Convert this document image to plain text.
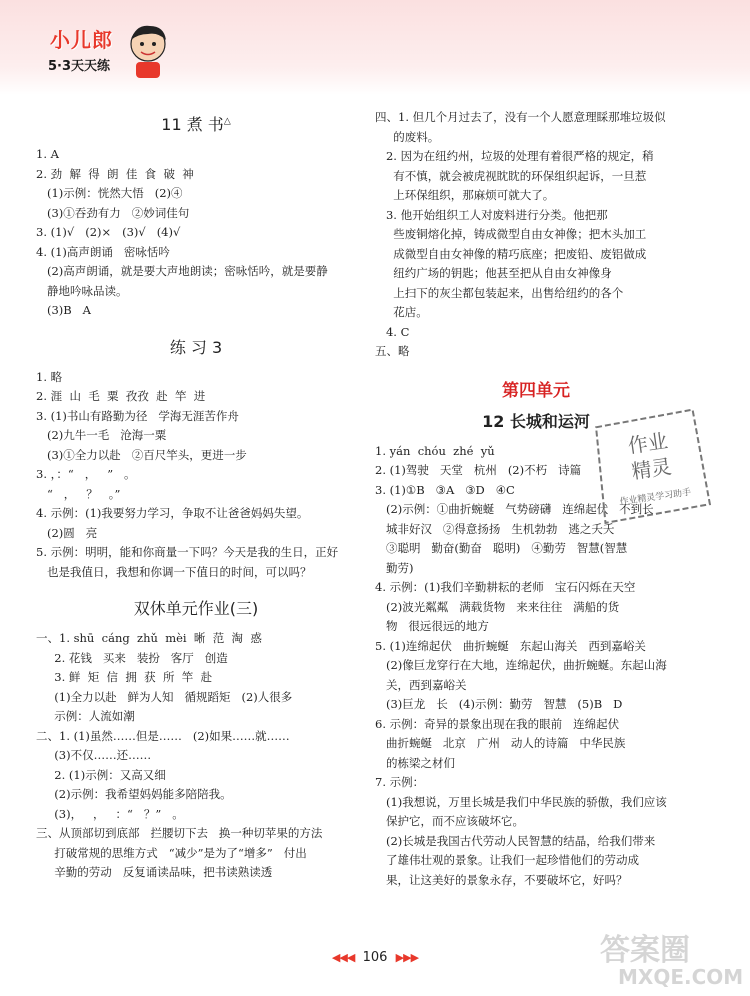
小儿郎
5·3天天练
11 煮 书△
1. A
2. 劲  解  得  朗  佳  食  破  神
(1)示例：恍然大悟   (2)④
(3)①吞劲有力   ②妙词佳句
3. (1)√   (2)×   (3)√   (4)√
4. (1)高声朗诵   密咏恬吟
(2)高声朗诵，就是要大声地朗读；密咏恬吟，就是要静
静地吟咏品读。
(3)B   A
练 习 3
1. 略
2. 涯  山  毛  粟  孜孜  赴  竿  进
3. (1)书山有路勤为径   学海无涯苦作舟
(2)九牛一毛   沧海一粟
(3)①全力以赴   ②百尺竿头，更进一步
3. ，：“   ，   ”   。
“   ，   ？   。”
4. 示例：(1)我要努力学习，争取不让爸爸妈妈失望。
(2)圆   亮
5. 示例：明明，能和你商量一下吗？今天是我的生日，正好
也是我值日，我想和你调一下值日的时间，可以吗？
双休单元作业(三)
一、1. shū  cáng  zhǔ  mèi  晰  范  淘  惑
2. 花钱   买来   装扮   客厅   创造
3. 鲜  矩  信  拥  获  所  竿  赴
(1)全力以赴   鲜为人知   循规蹈矩   (2)人很多
示例：人流如潮
二、1. (1)虽然……但是……   (2)如果……就……
(3)不仅……还……
2. (1)示例：又高又细
(2)示例：我希望妈妈能多陪陪我。
(3)，   ，   ：“   ？”   。
三、从顶部切到底部   拦腰切下去   换一种切苹果的方法
打破常规的思维方式   “减少”是为了“增多”   付出
辛勤的劳动   反复诵读品味，把书读熟读透
四、1. 但几个月过去了，没有一个人愿意理睬那堆垃圾似
的废料。
2. 因为在纽约州，垃圾的处理有着很严格的规定，稍
有不慎，就会被虎视眈眈的环保组织起诉，一旦惹
上环保组织，那麻烦可就大了。
3. 他开始组织工人对废料进行分类。他把那
些废铜熔化掉，铸成微型自由女神像；把木头加工
成微型自由女神像的精巧底座；把废铅、废铝做成
纽约广场的钥匙；他甚至把从自由女神像身
上扫下的灰尘都包装起来，出售给纽约的各个
花店。
4. C
五、略
第四单元
12 长城和运河
1. yán  chóu  zhé  yǔ
2. (1)驾驶   天堂   杭州   (2)不朽   诗篇
3. (1)①B   ③A   ③D   ④C
(2)示例：①曲折蜿蜒   气势磅礴   连绵起伏   不到长
城非好汉   ②得意扬扬   生机勃勃   逃之夭夭
③聪明   勤奋(勤奋   聪明)   ④勤劳   智慧(智慧
勤劳)
4. 示例：(1)我们辛勤耕耘的老师   宝石闪烁在天空
(2)波光粼粼   满载货物   来来往往   满船的货
物   很远很远的地方
5. (1)连绵起伏   曲折蜿蜒   东起山海关   西到嘉峪关
(2)像巨龙穿行在大地，连绵起伏，曲折蜿蜒。东起山海
关，西到嘉峪关
(3)巨龙   长   (4)示例：勤劳   智慧   (5)B   D
6. 示例：奇异的景象出现在我的眼前   连绵起伏
曲折蜿蜒   北京   广州   动人的诗篇   中华民族
的栋梁之材们
7. 示例：
(1)我想说，万里长城是我们中华民族的骄傲，我们应该
保护它，而不应该破坏它。
(2)长城是我国古代劳动人民智慧的结晶，给我们带来
了雄伟壮观的景象。让我们一起珍惜他们的劳动成
果，让这美好的景象永存，不要破坏它，好吗？
作业
精灵
作业精灵学习助手
◀◀◀ 106 ▶▶▶	答案圈
MXQE.COM
